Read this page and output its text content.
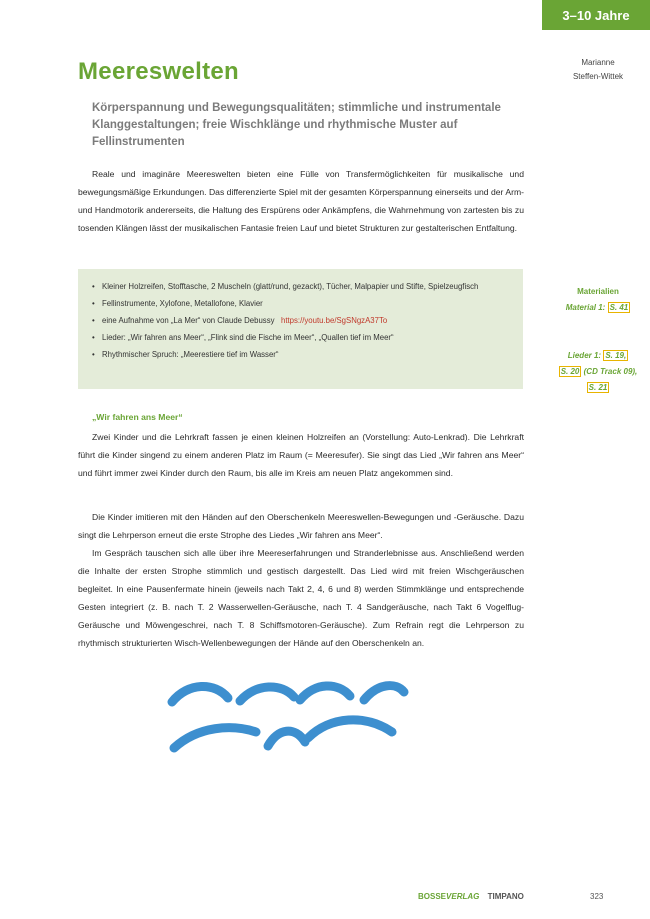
3–10 Jahre
Marianne
Steffen-Wittek
Meereswelten

Körperspannung und Bewegungsqualitäten; stimmliche und instrumentale Klanggestaltungen; freie Wischklänge und rhythmische Muster auf Fellinstrumenten

Reale und imaginäre Meereswelten bieten eine Fülle von Transfermöglichkeiten für musikalische und bewegungsmäßige Erkundungen. Das differenzierte Spiel mit der gesamten Körperspannung einerseits und der Arm- und Handmotorik andererseits, die Haltung des Erspürens oder Ankämpfens, die Wahrnehmung von zartesten bis zu tosenden Klängen lässt der musikalischen Fantasie freien Lauf und bietet Strukturen zur gestalterischen Entfaltung.

• Kleiner Holzreifen, Stofftasche, 2 Muscheln (glatt/rund, gezackt), Tücher, Malpapier und Stifte, Spielzeugfisch
• Fellinstrumente, Xylofone, Metallofone, Klavier
• eine Aufnahme von „La Mer“ von Claude Debussy https://youtu.be/SgSNgzA37To
• Lieder: „Wir fahren ans Meer“, „Flink sind die Fische im Meer“, „Quallen tief im Meer“
• Rhythmischer Spruch: „Meerestiere tief im Wasser“
Materialien
Material 1: S. 41
Lieder 1: S. 19,
S. 20 (CD Track 09),
S. 21
„Wir fahren ans Meer“

Zwei Kinder und die Lehrkraft fassen je einen kleinen Holzreifen an (Vorstellung: Auto-Lenkrad). Die Lehrkraft führt die Kinder singend zu einem anderen Platz im Raum (= Meeresufer). Sie singt das Lied „Wir fahren ans Meer“ und führt immer zwei Kinder durch den Raum, bis alle im Kreis am neuen Platz angekommen sind.

Die Kinder imitieren mit den Händen auf den Oberschenkeln Meereswellen-Bewegungen und -Geräusche. Dazu singt die Lehrperson erneut die erste Strophe des Liedes „Wir fahren ans Meer“.

Im Gespräch tauschen sich alle über ihre Meereserfahrungen und Stranderlebnisse aus. Anschließend werden die Inhalte der ersten Strophe stimmlich und gestisch dargestellt. Das Lied wird mit freien Wischgeräuschen begleitet. In eine Pausenfermate hinein (jeweils nach Takt 2, 4, 6 und 8) werden Stimmklänge und entsprechende Gesten integriert (z. B. nach T. 2 Wasserwellen-Geräusche, nach T. 4 Sandgeräusche, nach Takt 6 Vogelflug-Geräusche und Möwengeschrei, nach T. 8 Schiffsmotoren-Geräusche). Zum Refrain regt die Lehrperson zu rhythmisch strukturierten Wisch-Wellenbewegungen der Hände auf den Oberschenkeln an.

BOSSEVERLAG TIMPANO	323
